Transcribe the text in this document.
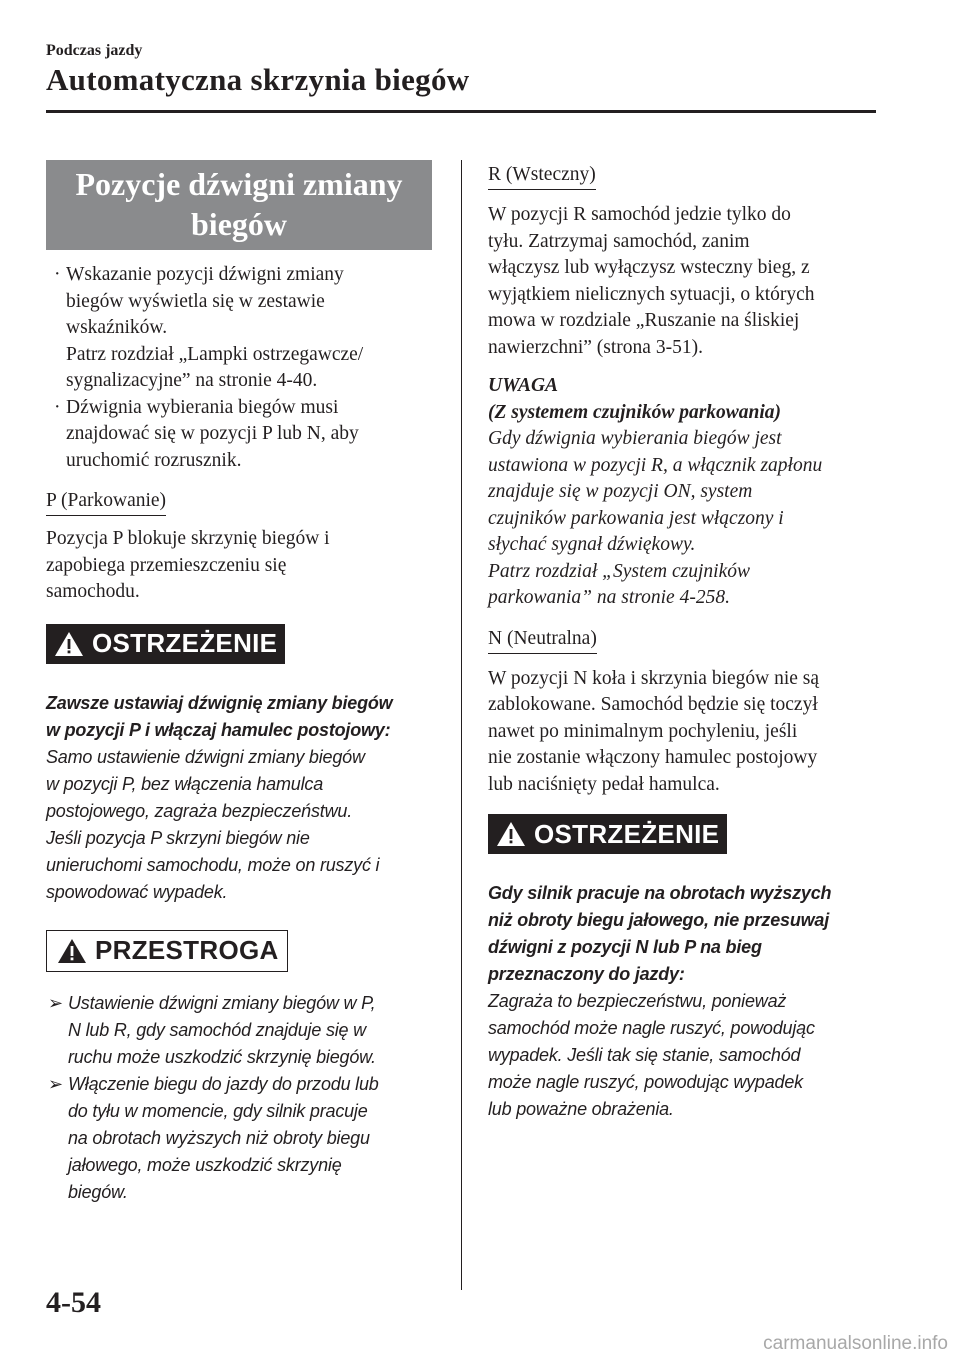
Podczas jazdy
Automatyczna skrzynia biegów
Pozycje dźwigni zmiany
biegów
· Wskazanie pozycji dźwigni zmiany
biegów wyświetla się w zestawie
wskaźników.
Patrz rozdział „Lampki ostrzegawcze/
sygnalizacyjne” na stronie 4-40.
· Dźwignia wybierania biegów musi
znajdować się w pozycji P lub N, aby
uruchomić rozrusznik.
P (Parkowanie)
Pozycja P blokuje skrzynię biegów i
zapobiega przemieszczeniu się
samochodu.
OSTRZEŻENIE
Zawsze ustawiaj dźwignię zmiany biegów
w pozycji P i włączaj hamulec postojowy:
Samo ustawienie dźwigni zmiany biegów
w pozycji P, bez włączenia hamulca
postojowego, zagraża bezpieczeństwu.
Jeśli pozycja P skrzyni biegów nie
unieruchomi samochodu, może on ruszyć i
spowodować wypadek.
PRZESTROGA
➢ Ustawienie dźwigni zmiany biegów w P,
N lub R, gdy samochód znajduje się w
ruchu może uszkodzić skrzynię biegów.
➢ Włączenie biegu do jazdy do przodu lub
do tyłu w momencie, gdy silnik pracuje
na obrotach wyższych niż obroty biegu
jałowego, może uszkodzić skrzynię
biegów.
R (Wsteczny)
W pozycji R samochód jedzie tylko do
tyłu. Zatrzymaj samochód, zanim
włączysz lub wyłączysz wsteczny bieg, z
wyjątkiem nielicznych sytuacji, o których
mowa w rozdziale „Ruszanie na śliskiej
nawierzchni” (strona 3-51).
UWAGA
(Z systemem czujników parkowania)
Gdy dźwignia wybierania biegów jest
ustawiona w pozycji R, a włącznik zapłonu
znajduje się w pozycji ON, system
czujników parkowania jest włączony i
słychać sygnał dźwiękowy.
Patrz rozdział „System czujników
parkowania” na stronie 4-258.
N (Neutralna)
W pozycji N koła i skrzynia biegów nie są
zablokowane. Samochód będzie się toczył
nawet po minimalnym pochyleniu, jeśli
nie zostanie włączony hamulec postojowy
lub naciśnięty pedał hamulca.
OSTRZEŻENIE
Gdy silnik pracuje na obrotach wyższych
niż obroty biegu jałowego, nie przesuwaj
dźwigni z pozycji N lub P na bieg
przeznaczony do jazdy:
Zagraża to bezpieczeństwu, ponieważ
samochód może nagle ruszyć, powodując
wypadek. Jeśli tak się stanie, samochód
może nagle ruszyć, powodując wypadek
lub poważne obrażenia.
4-54
carmanualsonline.info
